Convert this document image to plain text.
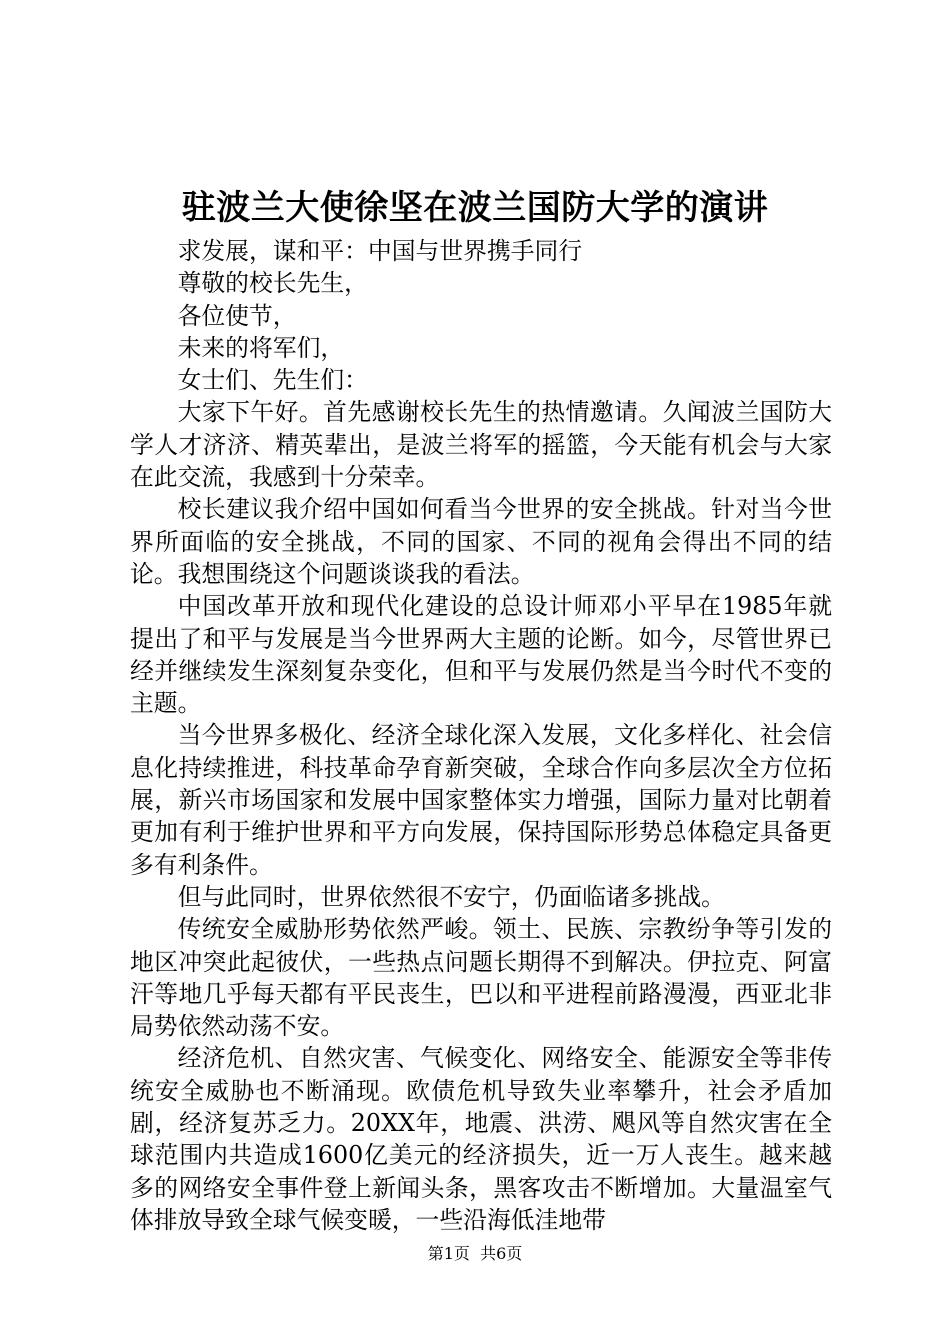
驻波兰大使徐坚在波兰国防大学的演讲

求发展，谋和平：中国与世界携手同行

尊敬的校长先生，

各位使节，

未来的将军们，

女士们、先生们：

大家下午好。首先感谢校长先生的热情邀请。久闻波兰国防大学人才济济、精英辈出，是波兰将军的摇篮，今天能有机会与大家在此交流，我感到十分荣幸。

校长建议我介绍中国如何看当今世界的安全挑战。针对当今世界所面临的安全挑战，不同的国家、不同的视角会得出不同的结论。我想围绕这个问题谈谈我的看法。

中国改革开放和现代化建设的总设计师邓小平早在1985年就提出了和平与发展是当今世界两大主题的论断。如今，尽管世界已经并继续发生深刻复杂变化，但和平与发展仍然是当今时代不变的主题。

当今世界多极化、经济全球化深入发展，文化多样化、社会信息化持续推进，科技革命孕育新突破，全球合作向多层次全方位拓展，新兴市场国家和发展中国家整体实力增强，国际力量对比朝着更加有利于维护世界和平方向发展，保持国际形势总体稳定具备更多有利条件。

但与此同时，世界依然很不安宁，仍面临诸多挑战。

传统安全威胁形势依然严峻。领土、民族、宗教纷争等引发的地区冲突此起彼伏，一些热点问题长期得不到解决。伊拉克、阿富汗等地几乎每天都有平民丧生，巴以和平进程前路漫漫，西亚北非局势依然动荡不安。

经济危机、自然灾害、气候变化、网络安全、能源安全等非传统安全威胁也不断涌现。欧债危机导致失业率攀升，社会矛盾加剧，经济复苏乏力。20XX年，地震、洪涝、飓风等自然灾害在全球范围内共造成1600亿美元的经济损失，近一万人丧生。越来越多的网络安全事件登上新闻头条，黑客攻击不断增加。大量温室气体排放导致全球气候变暖，一些沿海低洼地带

第1页  共6页
